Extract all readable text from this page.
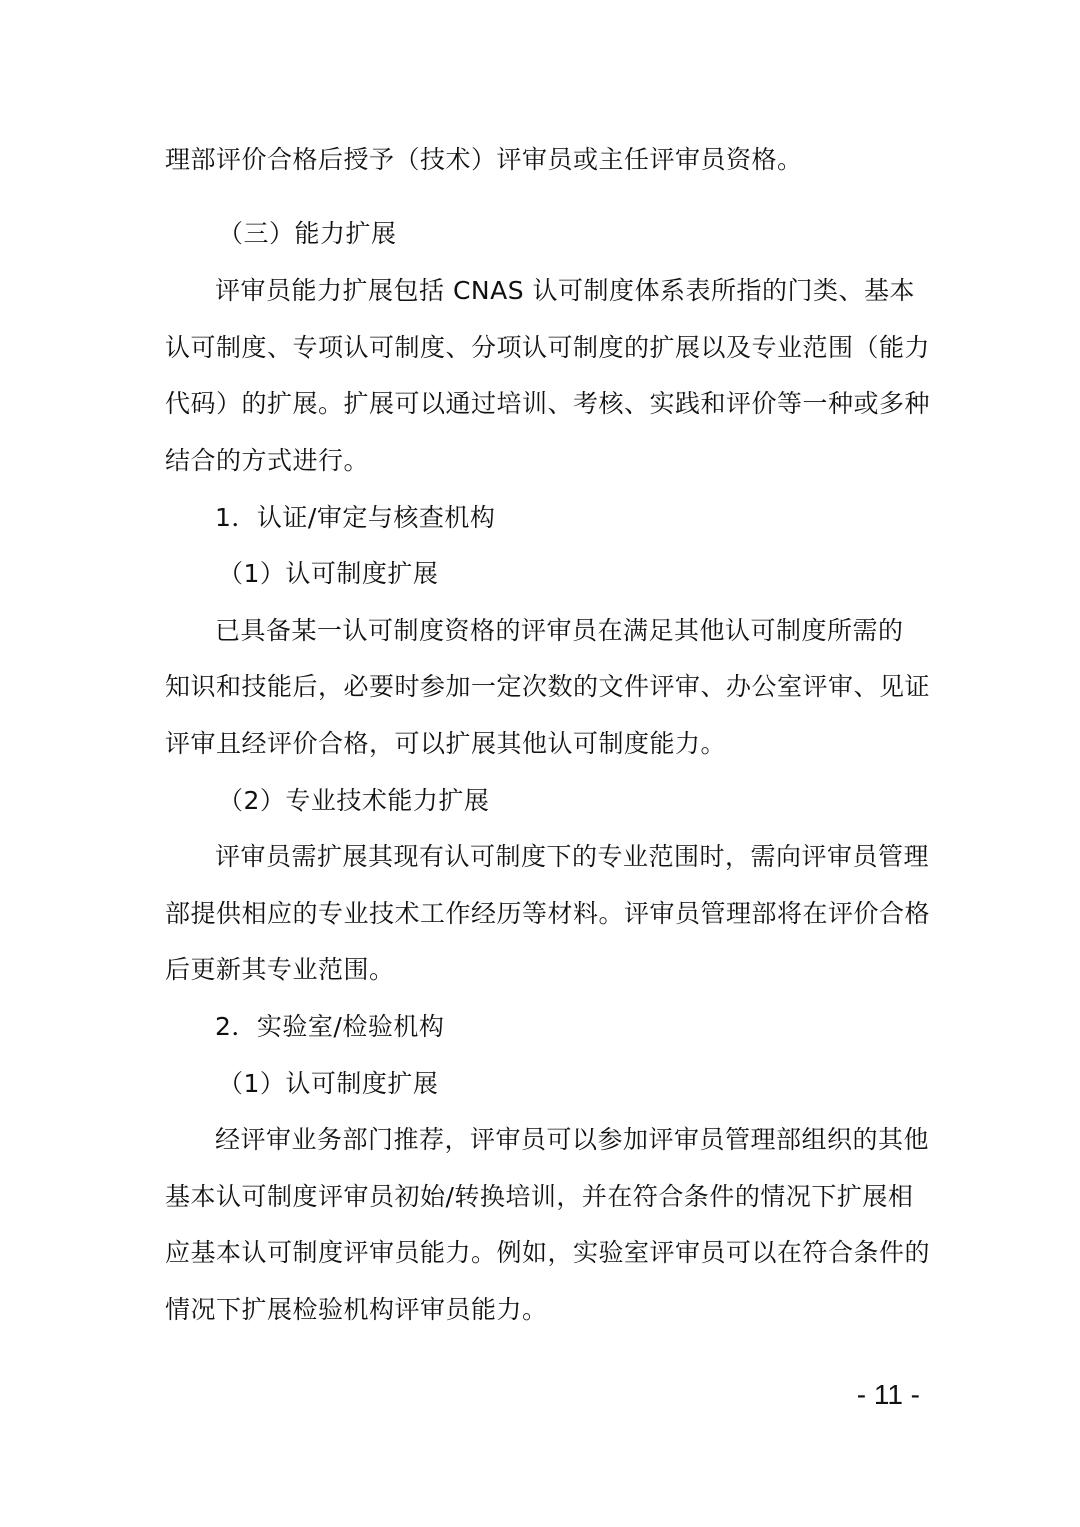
理部评价合格后授予（技术）评审员或主任评审员资格。
（三）能力扩展
评审员能力扩展包括 CNAS 认可制度体系表所指的门类、基本
认可制度、专项认可制度、分项认可制度的扩展以及专业范围（能力
代码）的扩展。扩展可以通过培训、考核、实践和评价等一种或多种
结合的方式进行。
1．认证/审定与核查机构
（1）认可制度扩展
已具备某一认可制度资格的评审员在满足其他认可制度所需的
知识和技能后，必要时参加一定次数的文件评审、办公室评审、见证
评审且经评价合格，可以扩展其他认可制度能力。
（2）专业技术能力扩展
评审员需扩展其现有认可制度下的专业范围时，需向评审员管理
部提供相应的专业技术工作经历等材料。评审员管理部将在评价合格
后更新其专业范围。
2．实验室/检验机构
（1）认可制度扩展
经评审业务部门推荐，评审员可以参加评审员管理部组织的其他
基本认可制度评审员初始/转换培训，并在符合条件的情况下扩展相
应基本认可制度评审员能力。例如，实验室评审员可以在符合条件的
情况下扩展检验机构评审员能力。
- 11 -
